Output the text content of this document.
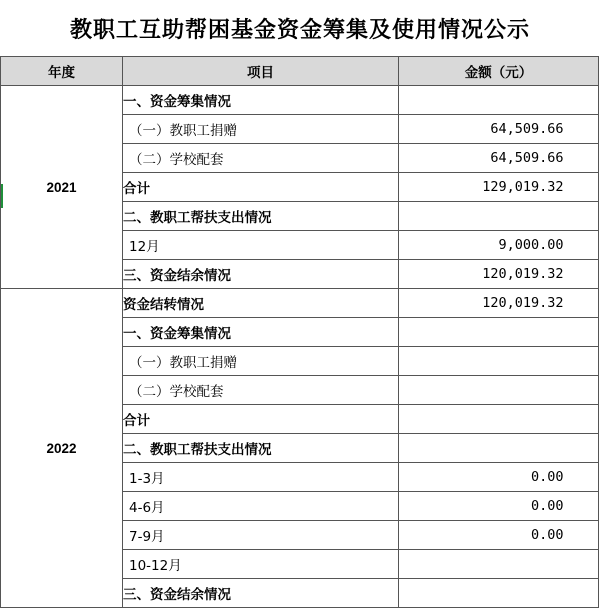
教职工互助帮困基金资金筹集及使用情况公示
年度	项目	金额（元）
2021	一、资金筹集情况	
	（一）教职工捐赠	64,509.66
	（二）学校配套	64,509.66
	合计	129,019.32
	二、教职工帮扶支出情况	
	12月	9,000.00
	三、资金结余情况	120,019.32
2022	资金结转情况	120,019.32
	一、资金筹集情况	
	（一）教职工捐赠	
	（二）学校配套	
	合计	
	二、教职工帮扶支出情况	
	1-3月	0.00
	4-6月	0.00
	7-9月	0.00
	10-12月	
	三、资金结余情况	
